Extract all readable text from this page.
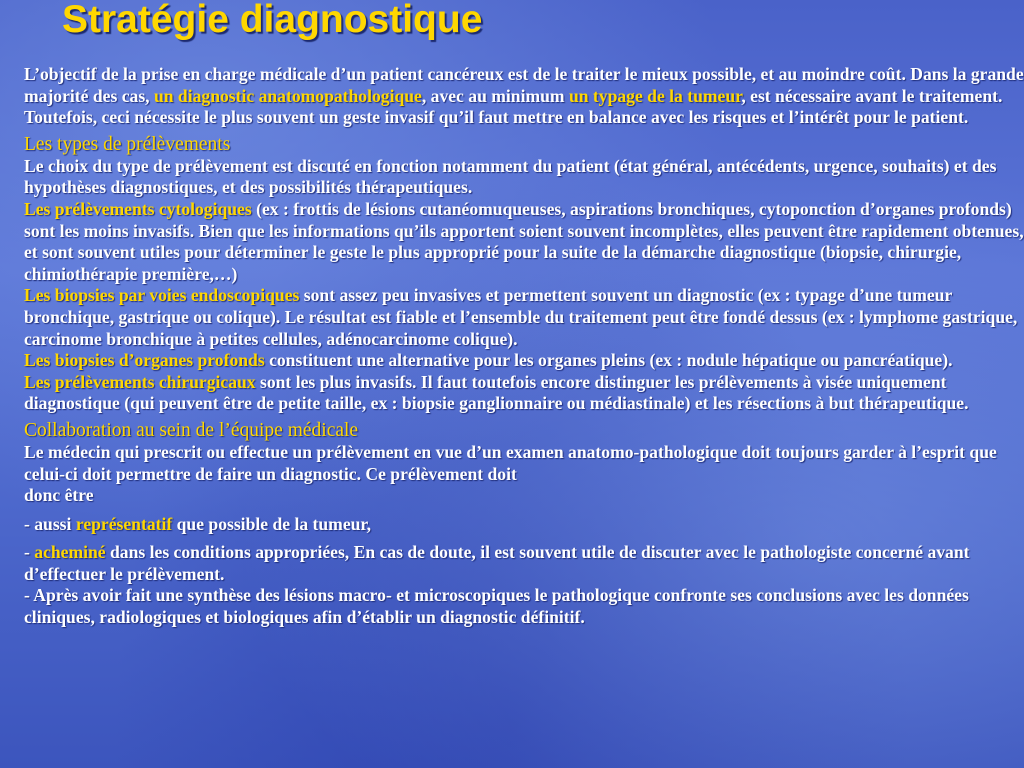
Stratégie diagnostique

L’objectif de la prise en charge médicale d’un patient cancéreux est de le traiter le mieux possible, et au moindre coût. Dans la grande majorité des cas, un diagnostic anatomopathologique, avec au minimum un typage de la tumeur, est nécessaire avant le traitement. Toutefois, ceci nécessite le plus souvent un geste invasif qu’il faut mettre en balance avec les risques et l’intérêt pour le patient.

Les types de prélèvements

Le choix du type de prélèvement est discuté en fonction notamment du patient (état général, antécédents, urgence, souhaits) et des hypothèses diagnostiques, et des possibilités thérapeutiques.

Les prélèvements cytologiques (ex : frottis de lésions cutanéomuqueuses, aspirations bronchiques, cytoponction d’organes profonds) sont les moins invasifs. Bien que les informations qu’ils apportent soient souvent incomplètes, elles peuvent être rapidement obtenues, et sont souvent utiles pour déterminer le geste le plus approprié pour la suite de la démarche diagnostique (biopsie, chirurgie, chimiothérapie première,…)

Les biopsies par voies endoscopiques sont assez peu invasives et permettent souvent un diagnostic (ex : typage d’une tumeur bronchique, gastrique ou colique). Le résultat est fiable et l’ensemble du traitement peut être fondé dessus (ex : lymphome gastrique, carcinome bronchique à petites cellules, adénocarcinome colique).

Les biopsies d’organes profonds constituent une alternative pour les organes pleins (ex : nodule hépatique ou pancréatique).

Les prélèvements chirurgicaux sont les plus invasifs. Il faut toutefois encore distinguer les prélèvements à visée uniquement diagnostique (qui peuvent être de petite taille, ex : biopsie ganglionnaire ou médiastinale) et les résections à but thérapeutique.

Collaboration au sein de l’équipe médicale

Le médecin qui prescrit ou effectue un prélèvement en vue d’un examen anatomo-pathologique doit toujours garder à l’esprit que celui-ci doit permettre de faire un diagnostic. Ce prélèvement doit
donc être

- aussi représentatif que possible de la tumeur,

- acheminé dans les conditions appropriées, En cas de doute, il est souvent utile de discuter avec le pathologiste concerné avant d’effectuer le prélèvement.

- Après avoir fait une synthèse des lésions macro- et microscopiques le pathologique confronte ses conclusions avec les données cliniques, radiologiques et biologiques afin d’établir un diagnostic définitif.
